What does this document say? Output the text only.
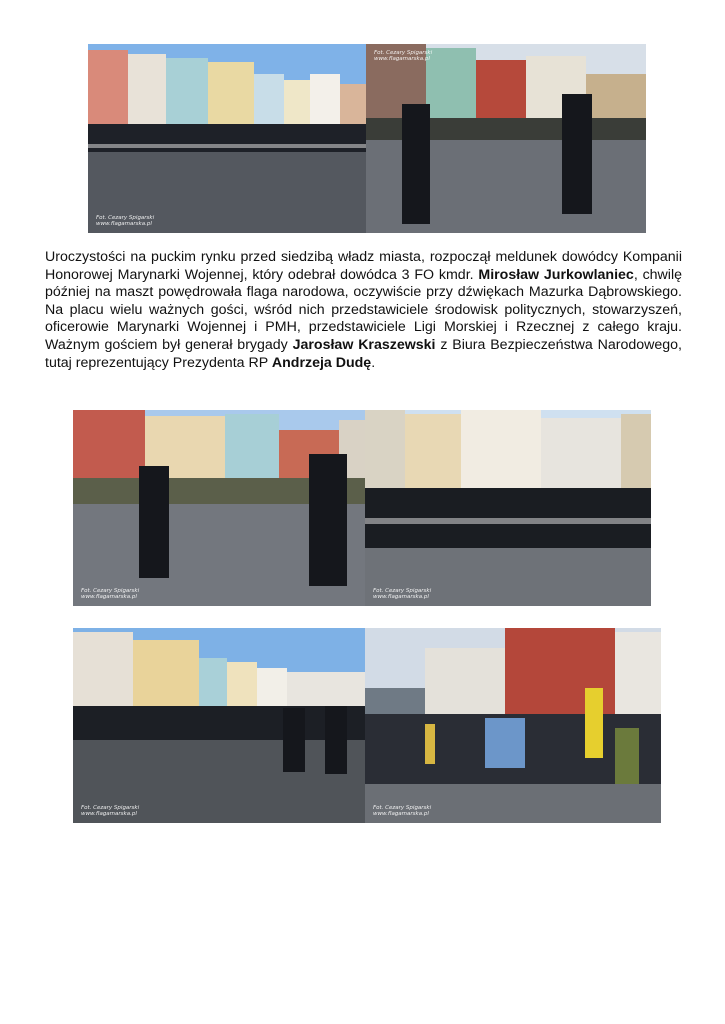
Fot. Cezary Spigarski
www.flagamarska.pl
Fot. Cezary Spigarski
www.flagamarska.pl

Uroczystości na puckim rynku przed siedzibą władz miasta, rozpoczął meldunek dowódcy Kompanii Honorowej Marynarki Wojennej, który odebrał dowódca 3 FO kmdr. Mirosław Jurkowlaniec, chwilę później na maszt powędrowała flaga narodowa, oczywiście przy dźwiękach Mazurka Dąbrowskiego. Na placu wielu ważnych gości, wśród nich przedstawiciele środowisk politycznych, stowarzyszeń, oficerowie Marynarki Wojennej i PMH, przedstawiciele Ligi Morskiej i Rzecznej z całego kraju. Ważnym gościem był generał brygady Jarosław Kraszewski z Biura Bezpieczeństwa Narodowego, tutaj reprezentujący Prezydenta RP Andrzeja Dudę.

Fot. Cezary Spigarski
www.flagamarska.pl
Fot. Cezary Spigarski
www.flagamarska.pl
Fot. Cezary Spigarski
www.flagamarska.pl
Fot. Cezary Spigarski
www.flagamarska.pl
